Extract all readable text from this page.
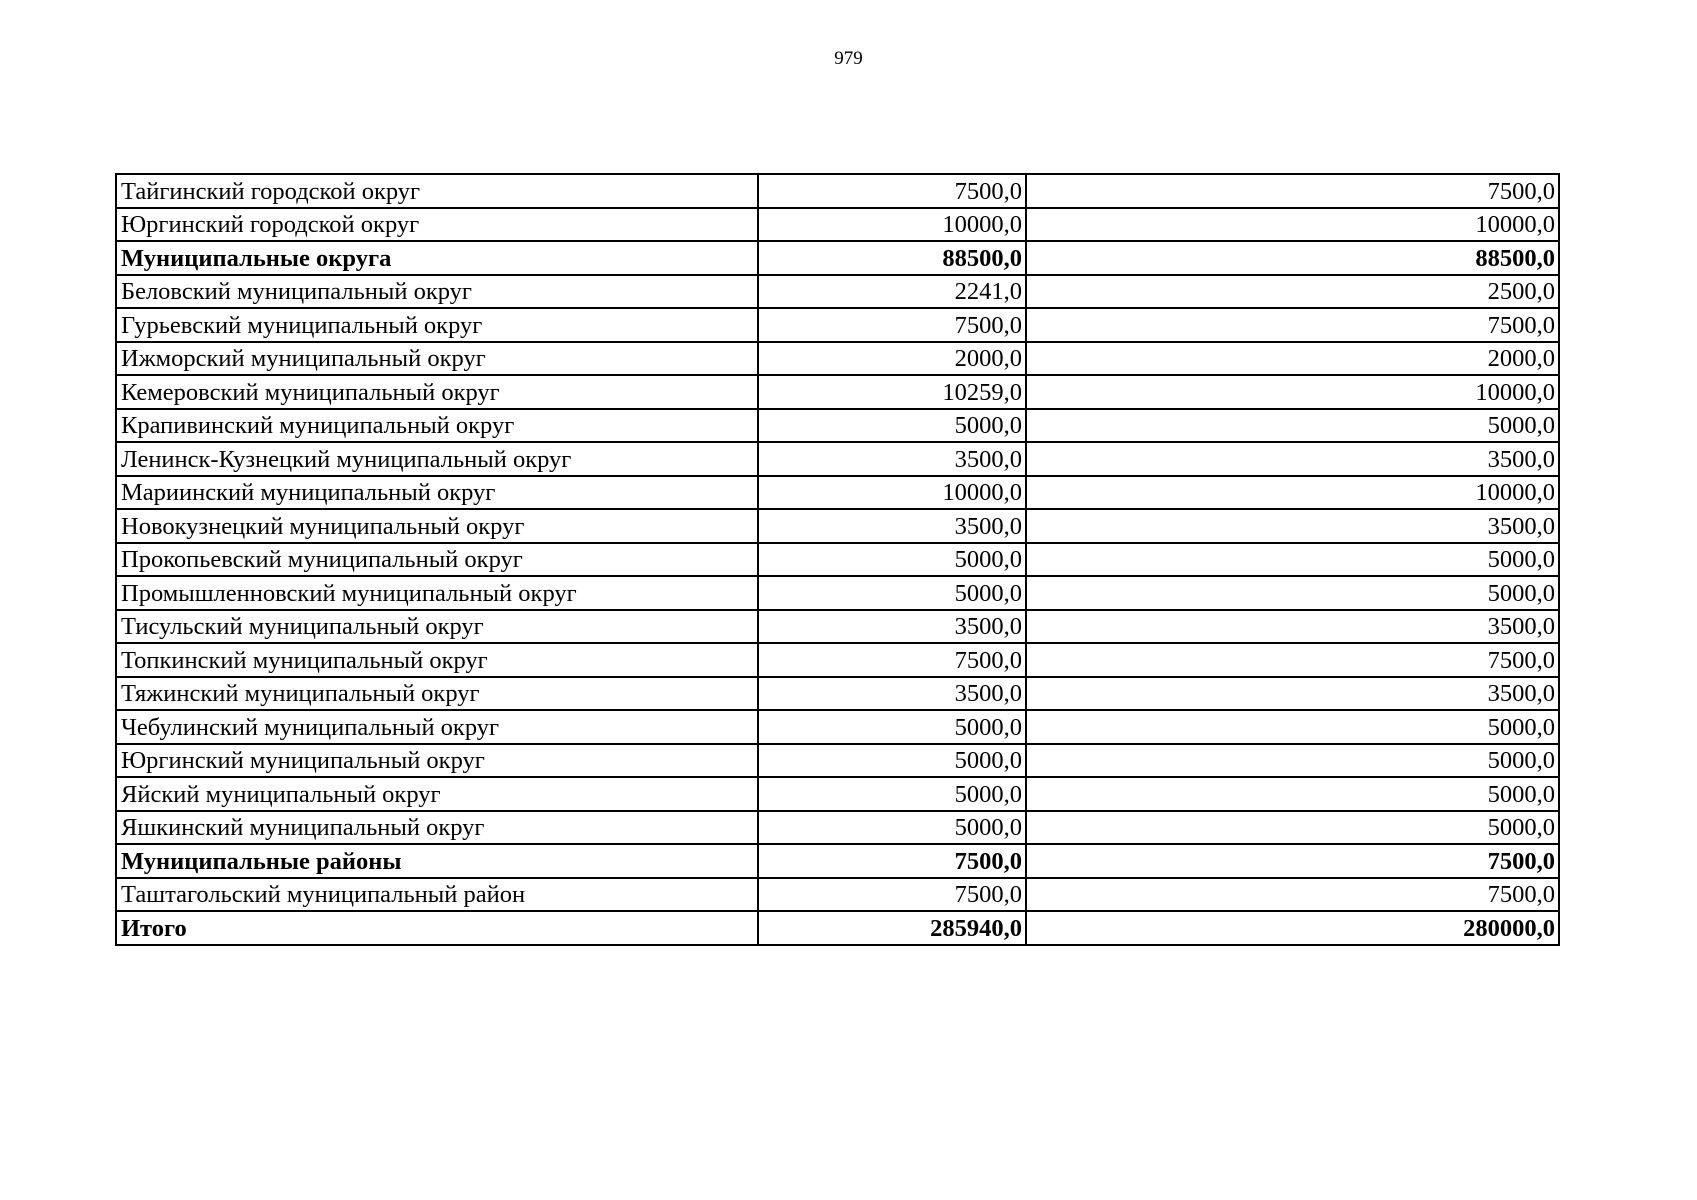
979
Тайгинский городской округ	7500,0	7500,0
Юргинский городской округ	10000,0	10000,0
Муниципальные округа	88500,0	88500,0
Беловский муниципальный округ	2241,0	2500,0
Гурьевский муниципальный округ	7500,0	7500,0
Ижморский муниципальный округ	2000,0	2000,0
Кемеровский муниципальный округ	10259,0	10000,0
Крапивинский муниципальный округ	5000,0	5000,0
Ленинск-Кузнецкий муниципальный округ	3500,0	3500,0
Мариинский муниципальный округ	10000,0	10000,0
Новокузнецкий муниципальный округ	3500,0	3500,0
Прокопьевский муниципальный округ	5000,0	5000,0
Промышленновский муниципальный округ	5000,0	5000,0
Тисульский муниципальный округ	3500,0	3500,0
Топкинский муниципальный округ	7500,0	7500,0
Тяжинский муниципальный округ	3500,0	3500,0
Чебулинский муниципальный округ	5000,0	5000,0
Юргинский муниципальный округ	5000,0	5000,0
Яйский муниципальный округ	5000,0	5000,0
Яшкинский муниципальный округ	5000,0	5000,0
Муниципальные районы	7500,0	7500,0
Таштагольский муниципальный район	7500,0	7500,0
Итого	285940,0	280000,0
